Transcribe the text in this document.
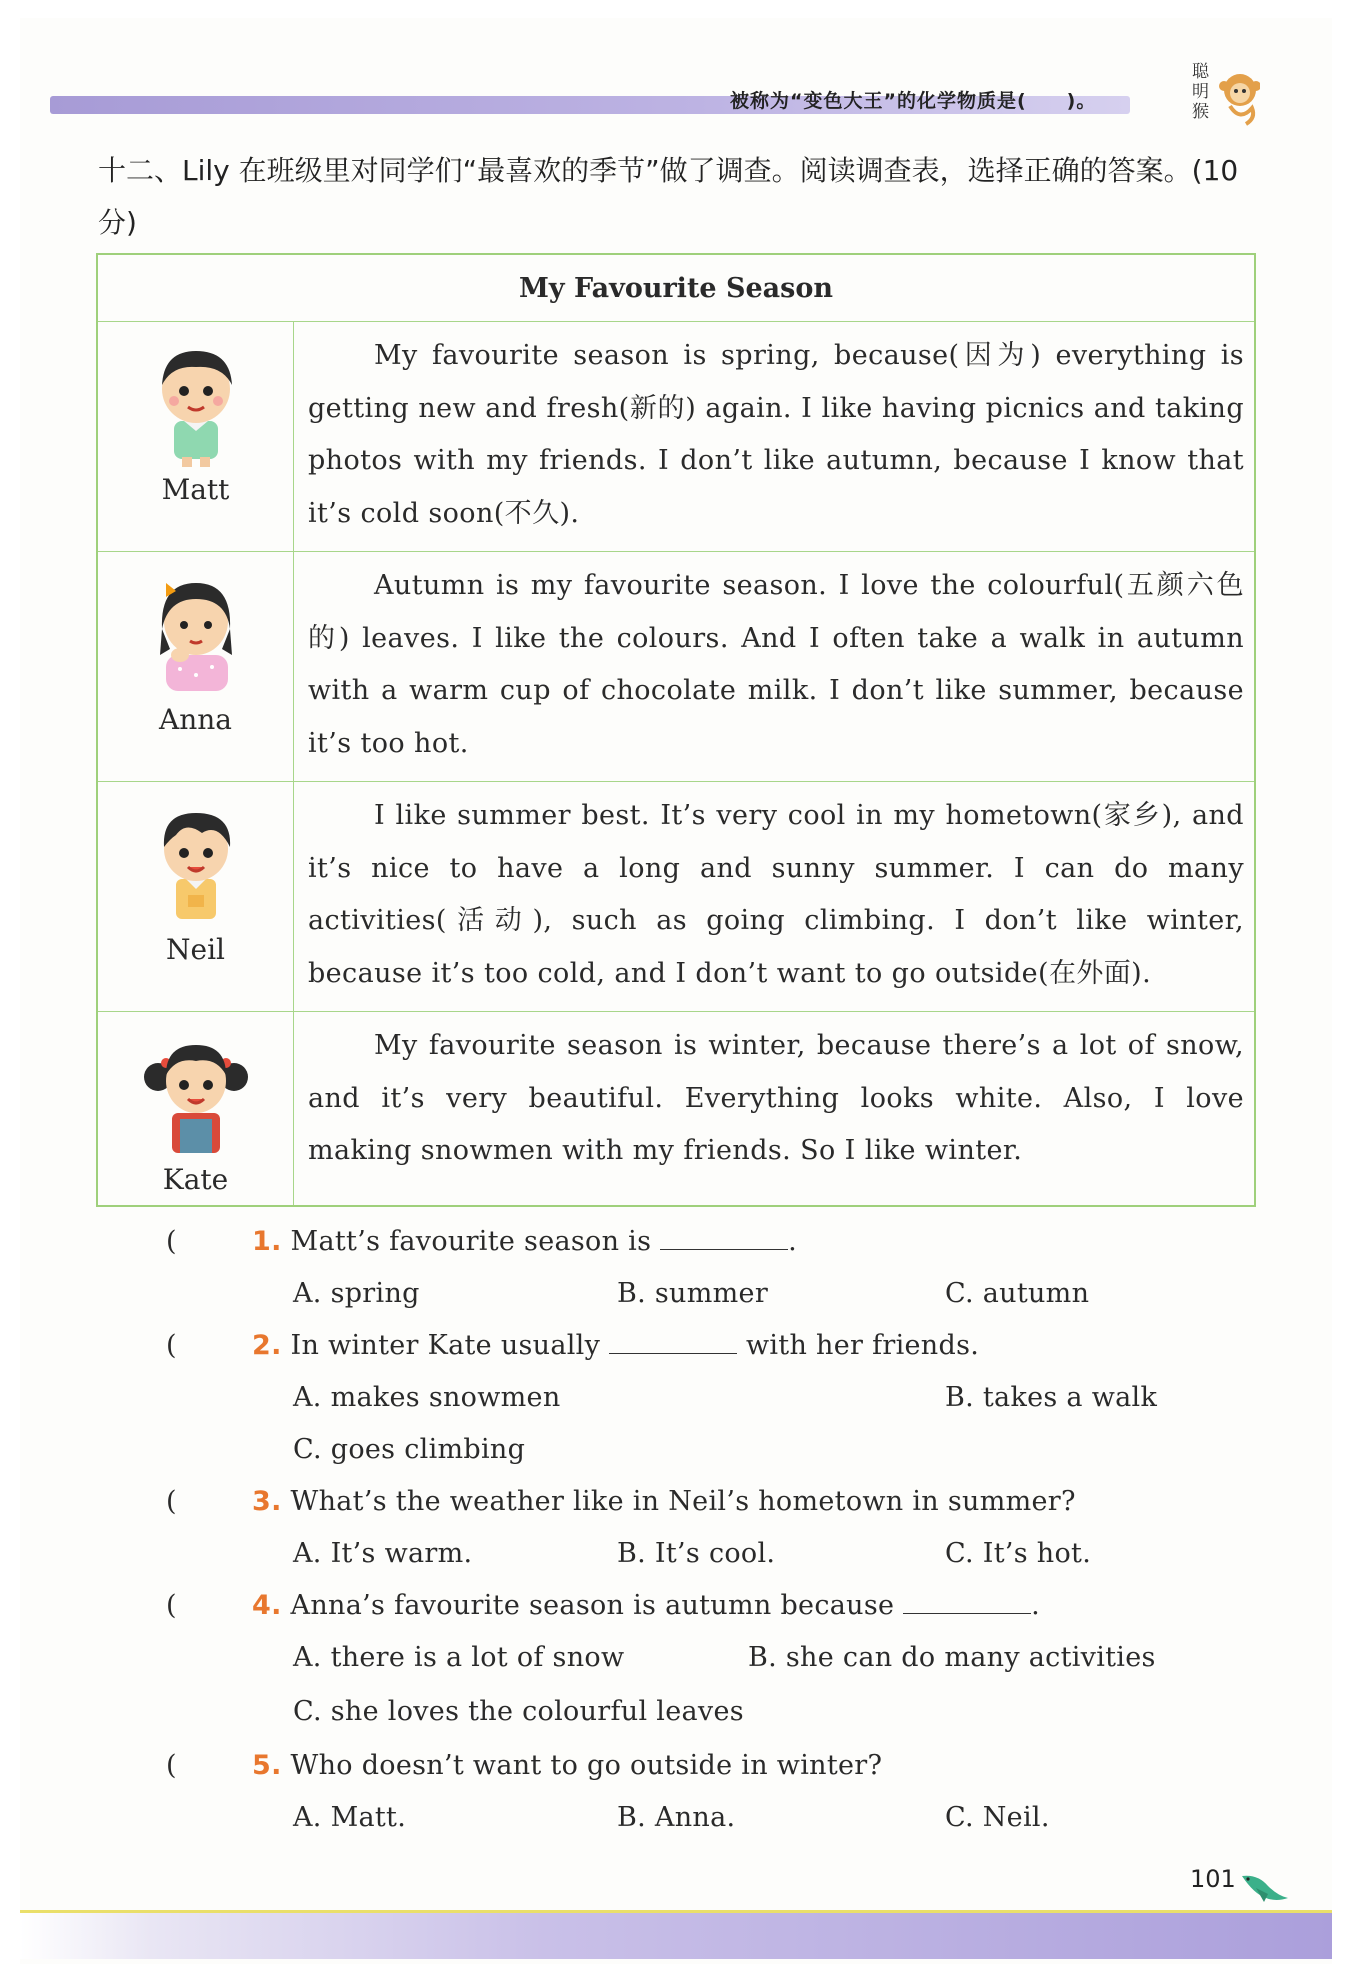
被称为“变色大王”的化学物质是(　　)。
聪明猴
十二、Lily 在班级里对同学们“最喜欢的季节”做了调查。阅读调查表，选择正确的答案。(10 分)
My Favourite Season	

Matt	My favourite season is spring, because(因为) everything is getting new and fresh(新的) again. I like having picnics and taking photos with my friends. I don’t like autumn, because I know that it’s cold soon(不久).

Anna	Autumn is my favourite season. I love the colourful(五颜六色的) leaves. I like the colours. And I often take a walk in autumn with a warm cup of chocolate milk. I don’t like summer, because it’s too hot.

Neil	I like summer best. It’s very cool in my hometown(家乡), and it’s nice to have a long and sunny summer. I can do many activities(活动), such as going climbing. I don’t like winter, because it’s too cold, and I don’t want to go outside(在外面).

Kate	My favourite season is winter, because there’s a lot of snow, and it’s very beautiful. Everything looks white. Also, I love making snowmen with my friends. So I like winter.
(	1. Matt’s favourite season is	.
A. spring	B. summer	C. autumn
(	2. In winter Kate usually	with her friends.
A. makes snowmen	B. takes a walk
C. goes climbing
(	3. What’s the weather like in Neil’s hometown in summer?
A. It’s warm.	B. It’s cool.	C. It’s hot.
(	4. Anna’s favourite season is autumn because	.
A. there is a lot of snow	B. she can do many activities
C. she loves the colourful leaves
(	5. Who doesn’t want to go outside in winter?
A. Matt.	B. Anna.	C. Neil.
101
